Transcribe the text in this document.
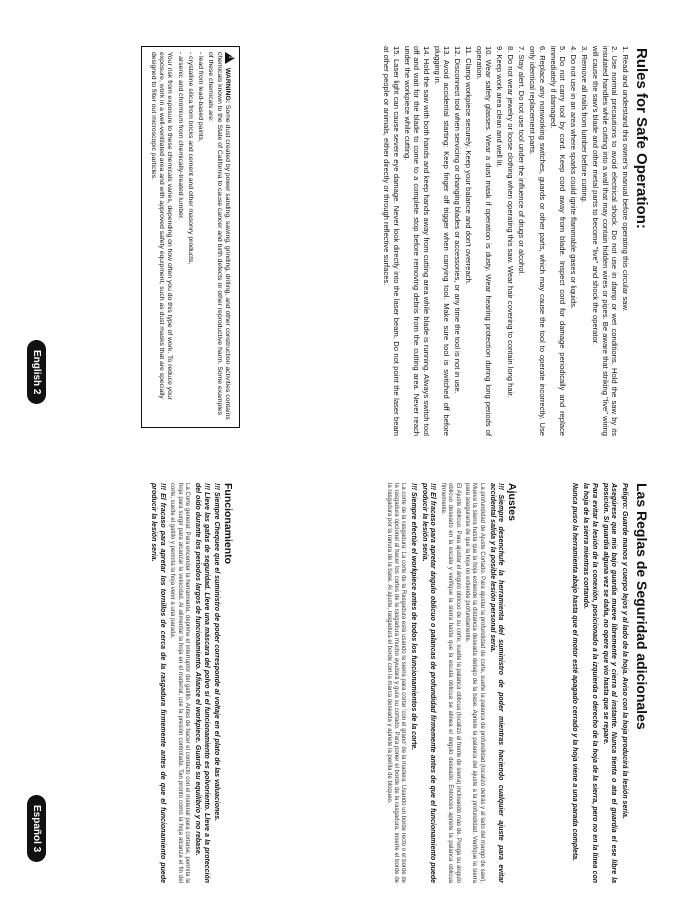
Rules for Safe Operation:
1. Read and understand this owner's manual before operating this circular saw.
2. Use normal precautions to avoid electrical shock. Do not use in damp or wet conditions. Hold the saw by its insulated handles while cutting into a wall that may contain hidden wires or pipes. Be aware that striking "live" wiring will cause the saw's blade and other metal parts to become "live" and shock the operator.
3. Remove all nails from lumber before cutting.
4. Do not use in an area where sparks could ignite flammable gases or liquids.
5. Do not carry tool by cord. Keep cord away from blade. Inspect cord for damage periodically and replace immediately if damaged.
6. Replace any nonworking switches, guards or other parts, which may cause the tool to operate incorrectly. Use only identical replacement parts.
7. Stay alert. Do not use tool under the influence of drugs or alcohol.
8. Do not wear jewelry or loose clothing when operating this saw. Wear hair covering to contain long hair.
9. Keep work area clean and well lit.
10. Wear safety glasses. Wear a dust mask if operation is dusty. Wear hearing protection during long periods of operation.
11. Clamp workpiece securely. Keep your balance and don't overreach.
12. Disconnect tool when servicing or changing blades or accessories, or any time the tool is not in use.
13. Avoid accidental starting: Keep finger off trigger when carrying tool. Make sure tool is switched off before plugging in.
14. Hold the saw with both hands and keep hands away from cutting area while blade is running. Always switch tool off and wait for the blade to come to a complete stop before removing debris from the cutting area. Never reach under the workpiece while cutting.
15. Laser light can cause severe eye damage. Never look directly into the laser beam. Do not point the laser beam at other people or animals, either directly or through reflective surfaces.

! WARNING: Some dust created by power sanding, sawing, grinding, drilling, and other construction activities contains chemicals known to the State of California to cause cancer and birth defects or other reproductive harm. Some examples of these chemicals are:

- lead from lead-based paints,

- crystalline silica from bricks and cement and other masonry products,

- arsenic and chromium from chemically-treated lumber.

Your risk from exposure to these chemicals varies, depending on how often you do this type of work. To reduce your exposure, work in a well-ventilated area and with approved safety equipment, such as dust masks that are specially designed to filter out microscopic particles.

English 2
Las Reglas de Seguridad adicionales

Peligro: Guarde manos y cuerpo lejos y al lado de la hoja. Aviso con la hoja producirá la lesión seria.

Asegúrese que mis bajo guardia mueve libremente y cierra al instante. Nunca tienta o ata el guardia el ese libre la posición. Si guardia alguna vez se daña, no opere que vio hasta que se repare.

Para evitar la lesión de la conexión, posicionado a la izquierda o derecho de la hoja de la sierra, pero no en la línea con la hoja de la sierra mientras cortando.

Nunca puso la herramienta abajo hasta que el motor esté apagado cerrado y la hoja viene a una parada completa.

Ajustes

!!! Siempre desenchufe la herramienta del suministro de poder mientras haciendo cualquier ajuste para evitar accidental salida y la posible lesión personal seria.

La profundidad de Ajuste Cortado. Para ajustar la profundidad de corte, suelte la palanca de profundidad (localizó detrás y al lado del mango de saw). Mueva la sierra hasta que la hoja extiende la distancia deseada debajo de la base. Apriete la palanca del ajuste a la profundidad. Verifique la sierra para asegurarse de que la hoja no extiende profundamente.

El Ajuste oblicuo. Para ajustar el ángulo oblicuo de su corte, suelte la palanca oblicua (localizó al frente de sierra) inclinando más de. Ponga su ángulo oblicuo deseado en la escala y verifique la sierra hasta que la escala oblicua se alinea el ángulo deseado. Entonces apriete la palanca oblicua firmemente.

!!! El fracaso para apretar ángulo oblicuo o palancas de profundidad firmemente antes de que el funcionamiento puede producir la lesión seria.

!!! Siempre efectúe el workpiece antes de todos los funcionamientos de la corte.

La corte de la rasgadura: La corte de la Rasgadura está usando la sierra para cortar 'con el grano' de la madera. Usando un borde recto o el borde de la rasgadura opcional al hacer los cortes de la rasgadura mucho ayudará y guía su cortado. Para poner el borde de la rasgadura, inserte el borde de la rasgadura por la ranura de la base. Al ajuste, rasgadura el borde con la marca deseada y apriete la perilla de bloqueo.

Funcionamiento

!!! Siempre Chequee que el suministro de poder corresponde al voltaje en el plato de las valuaciones.

!!! Lleve las gafas de seguridad. Lleve una máscara del polvo si el funcionamiento es polvoriento. Lleve a la protección del oído durante los periodos largos de funcionamiento. Afiance el workpiece. Guarde su equilibrio y no rebase.

La Corte general: Para encender la herramienta, deprime el interruptor del gatillo. Antes de hacer el contacto con el material para cortarse, permita la hoja para surgir para alcanzar la velocidad. Al alimentar la hoja en el material, use la presión controlada. Tan pronto como la hoja alcanza el fin del corte, suelte el gatillo y permita la hoja venir a una parada.

!!! El fracaso para apretar los tornillos de cerca de la rasgadura firmemente antes de que el funcionamiento puede producir la lesión seria.

Español 3
